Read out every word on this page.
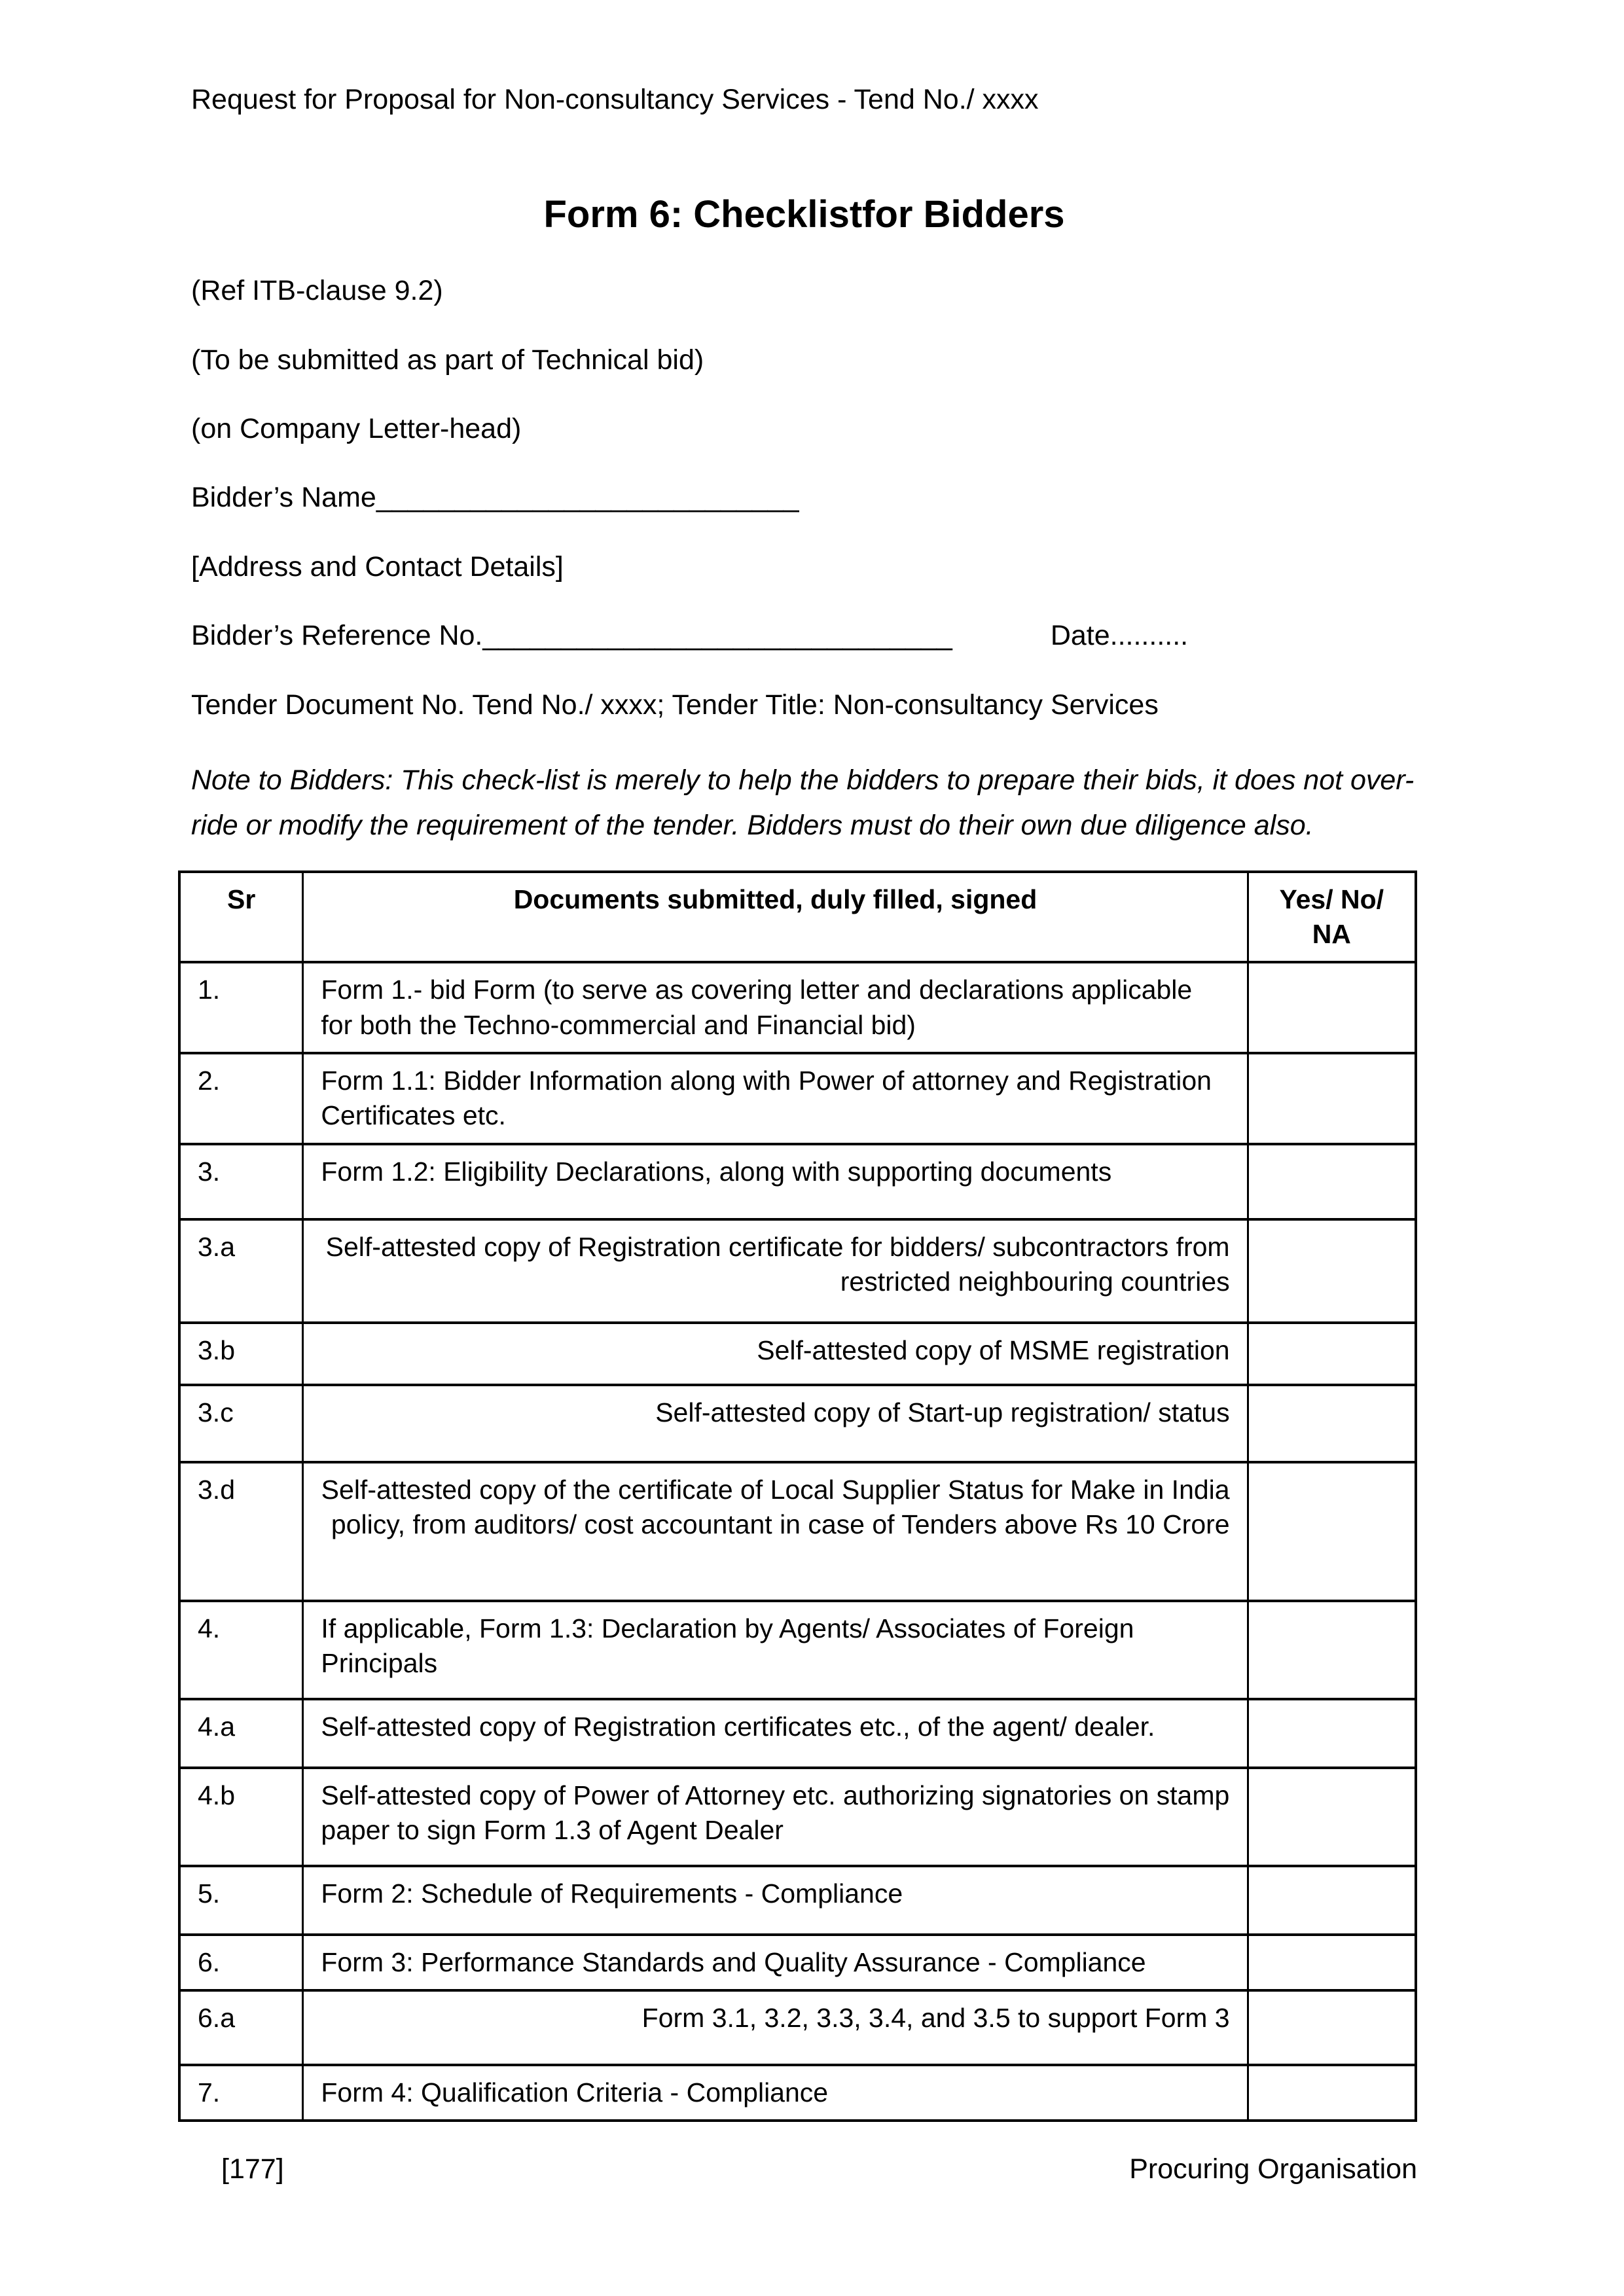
Request for Proposal for Non-consultancy Services - Tend No./ xxxx
Form 6: Checklistfor Bidders

(Ref ITB-clause 9.2)

(To be submitted as part of Technical bid)

(on Company Letter-head)

Bidder’s Name___________________________

[Address and Contact Details]

Bidder’s Reference No.______________________________	Date..........

Tender Document No. Tend No./ xxxx; Tender Title: Non-consultancy Services

Note to Bidders: This check-list is merely to help the bidders to prepare their bids, it does not over-ride or modify the requirement of the tender. Bidders must do their own due diligence also.

Sr	Documents submitted, duly filled, signed	Yes/ No/ NA
1.	Form 1.- bid Form (to serve as covering letter and declarations applicable for both the Techno-commercial and Financial bid)	
2.	Form 1.1: Bidder Information along with Power of attorney and Registration Certificates etc.	
3.	Form 1.2: Eligibility Declarations, along with supporting documents	
3.a	Self-attested copy of Registration certificate for bidders/ subcontractors from restricted neighbouring countries	
3.b	Self-attested copy of MSME registration	
3.c	Self-attested copy of Start-up registration/ status	
3.d	Self-attested copy of the certificate of Local Supplier Status for Make in India policy, from auditors/ cost accountant in case of Tenders above Rs 10 Crore	
4.	If applicable, Form 1.3: Declaration by Agents/ Associates of Foreign Principals	
4.a	Self-attested copy of Registration certificates etc., of the agent/ dealer.	
4.b	Self-attested copy of Power of Attorney etc. authorizing signatories on stamp paper to sign Form 1.3 of Agent Dealer	
5.	Form 2: Schedule of Requirements - Compliance	
6.	Form 3: Performance Standards and Quality Assurance - Compliance	
6.a	Form 3.1, 3.2, 3.3, 3.4, and 3.5 to support Form 3	
7.	Form 4: Qualification Criteria - Compliance	
[177]	Procuring Organisation
